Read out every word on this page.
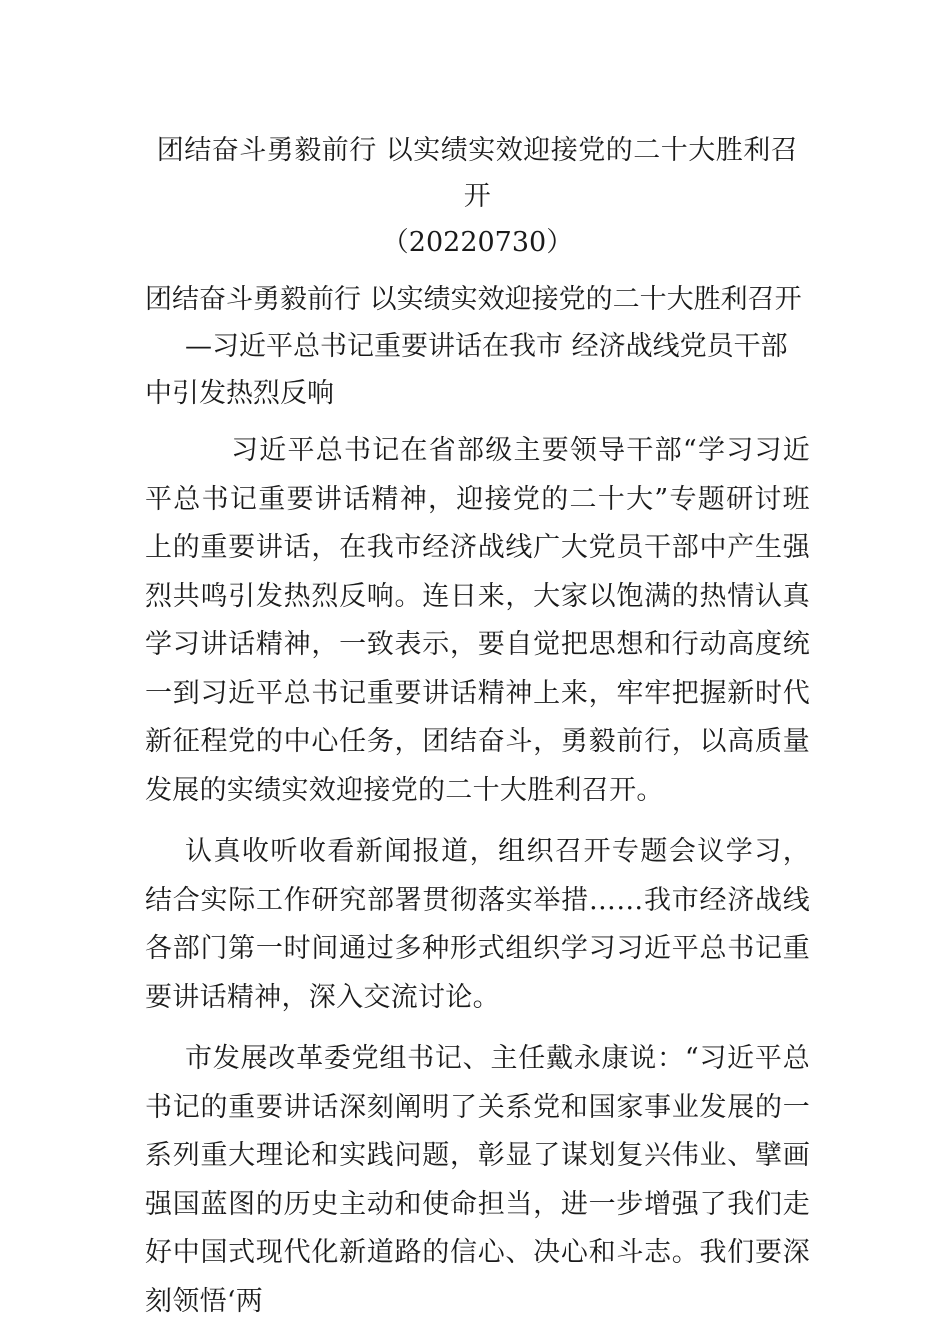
团结奋斗勇毅前行 以实绩实效迎接党的二十大胜利召开
（20220730）
团结奋斗勇毅前行 以实绩实效迎接党的二十大胜利召开
—习近平总书记重要讲话在我市 经济战线党员干部中引发热烈反响

习近平总书记在省部级主要领导干部“学习习近平总书记重要讲话精神，迎接党的二十大”专题研讨班上的重要讲话，在我市经济战线广大党员干部中产生强烈共鸣引发热烈反响。连日来，大家以饱满的热情认真学习讲话精神，一致表示，要自觉把思想和行动高度统一到习近平总书记重要讲话精神上来，牢牢把握新时代新征程党的中心任务，团结奋斗，勇毅前行，以高质量发展的实绩实效迎接党的二十大胜利召开。

认真收听收看新闻报道，组织召开专题会议学习，结合实际工作研究部署贯彻落实举措……我市经济战线各部门第一时间通过多种形式组织学习习近平总书记重要讲话精神，深入交流讨论。

市发展改革委党组书记、主任戴永康说：“习近平总书记的重要讲话深刻阐明了关系党和国家事业发展的一系列重大理论和实践问题，彰显了谋划复兴伟业、擘画强国蓝图的历史主动和使命担当，进一步增强了我们走好中国式现代化新道路的信心、决心和斗志。我们要深刻领悟‘两
